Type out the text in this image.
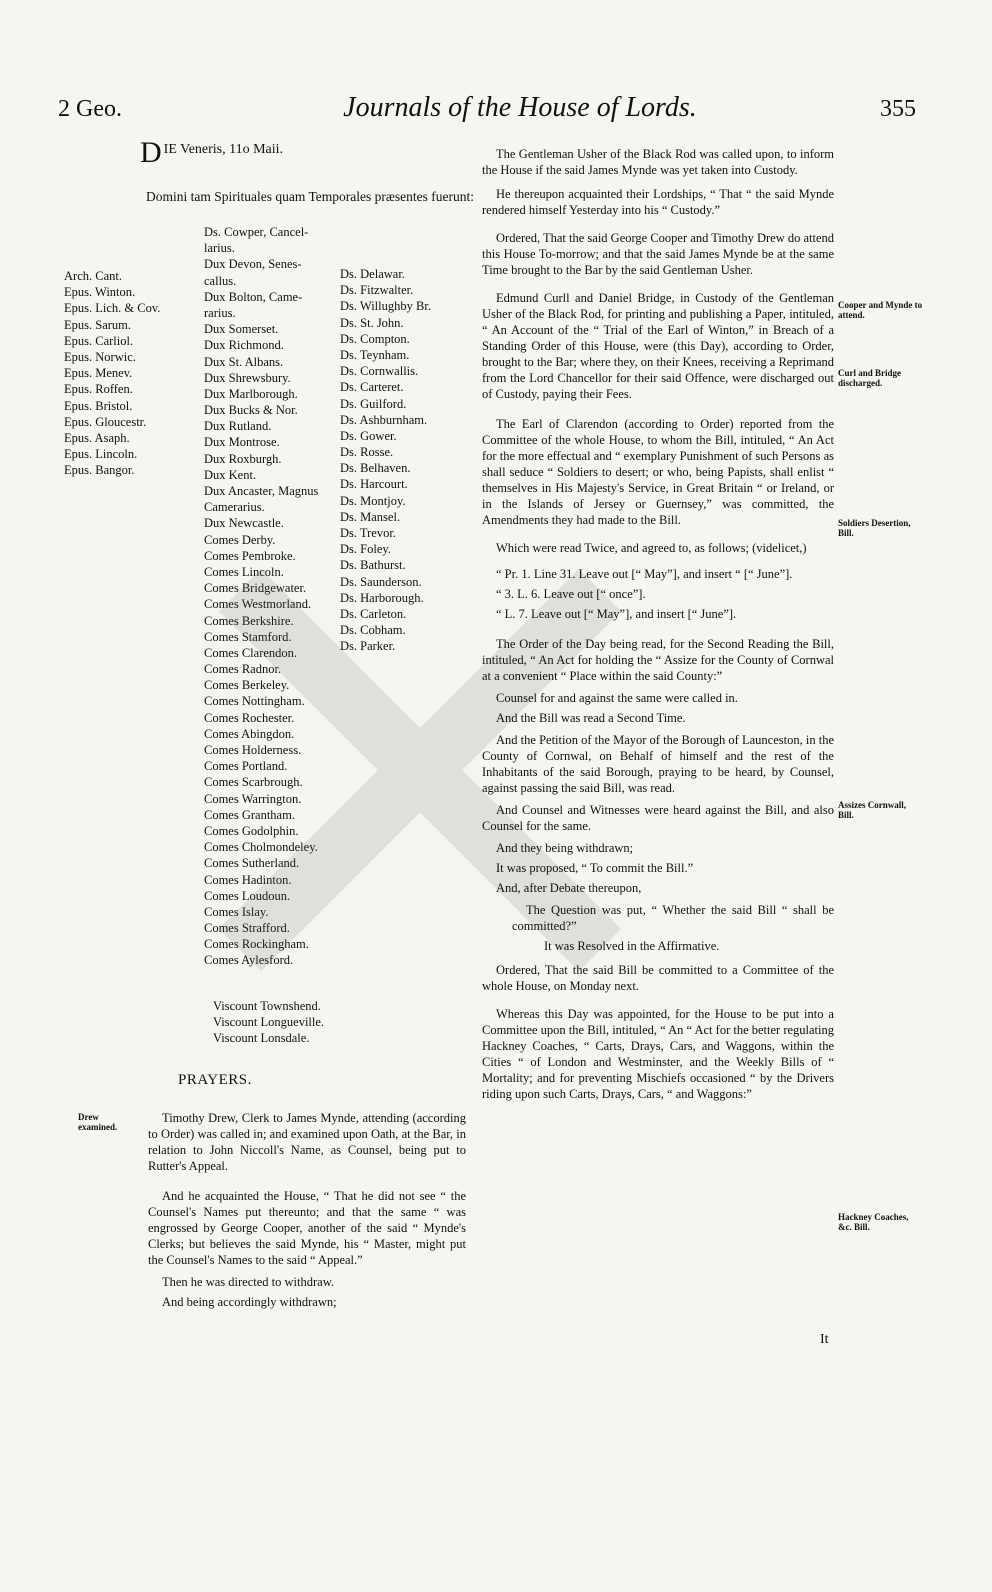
2 Geo.	Journals of the House of Lords.	355
D IE Veneris, 11o Maii.
Domini tam Spirituales quam Temporales præsentes fuerunt:
Arch. Cant.
Epus. Winton.
Epus. Lich. & Cov.
Epus. Sarum.
Epus. Carliol.
Epus. Norwic.
Epus. Menev.
Epus. Roffen.
Epus. Bristol.
Epus. Gloucestr.
Epus. Asaph.
Epus. Lincoln.
Epus. Bangor.
Ds. Cowper, Cancel-
larius.
Dux Devon, Senes-
callus.
Dux Bolton, Came-
rarius.
Dux Somerset.
Dux Richmond.
Dux St. Albans.
Dux Shrewsbury.
Dux Marlborough.
Dux Bucks & Nor.
Dux Rutland.
Dux Montrose.
Dux Roxburgh.
Dux Kent.
Dux Ancaster, Magnus
Camerarius.
Dux Newcastle.
Comes Derby.
Comes Pembroke.
Comes Lincoln.
Comes Bridgewater.
Comes Westmorland.
Comes Berkshire.
Comes Stamford.
Comes Clarendon.
Comes Radnor.
Comes Berkeley.
Comes Nottingham.
Comes Rochester.
Comes Abingdon.
Comes Holderness.
Comes Portland.
Comes Scarbrough.
Comes Warrington.
Comes Grantham.
Comes Godolphin.
Comes Cholmondeley.
Comes Sutherland.
Comes Hadinton.
Comes Loudoun.
Comes Islay.
Comes Strafford.
Comes Rockingham.
Comes Aylesford.
Viscount Townshend.
Viscount Longueville.
Viscount Lonsdale.
Ds. Delawar.
Ds. Fitzwalter.
Ds. Willughby Br.
Ds. St. John.
Ds. Compton.
Ds. Teynham.
Ds. Cornwallis.
Ds. Carteret.
Ds. Guilford.
Ds. Ashburnham.
Ds. Gower.
Ds. Rosse.
Ds. Belhaven.
Ds. Harcourt.
Ds. Montjoy.
Ds. Mansel.
Ds. Trevor.
Ds. Foley.
Ds. Bathurst.
Ds. Saunderson.
Ds. Harborough.
Ds. Carleton.
Ds. Cobham.
Ds. Parker.
PRAYERS.
Drew examined.

Timothy Drew, Clerk to James Mynde, attending (according to Order) was called in; and examined upon Oath, at the Bar, in relation to John Niccoll's Name, as Counsel, being put to Rutter's Appeal.

And he acquainted the House, “ That he did not see “ the Counsel's Names put thereunto; and that the same “ was engrossed by George Cooper, another of the said “ Mynde's Clerks; but believes the said Mynde, his “ Master, might put the Counsel's Names to the said “ Appeal.”

Then he was directed to withdraw.

And being accordingly withdrawn;

The Gentleman Usher of the Black Rod was called upon, to inform the House if the said James Mynde was yet taken into Custody.

He thereupon acquainted their Lordships, “ That “ the said Mynde rendered himself Yesterday into his “ Custody.”

Ordered, That the said George Cooper and Timothy Drew do attend this House To-morrow; and that the said James Mynde be at the same Time brought to the Bar by the said Gentleman Usher.

Edmund Curll and Daniel Bridge, in Custody of the Gentleman Usher of the Black Rod, for printing and publishing a Paper, intituled, “ An Account of the “ Trial of the Earl of Winton,” in Breach of a Standing Order of this House, were (this Day), according to Order, brought to the Bar; where they, on their Knees, receiving a Reprimand from the Lord Chancellor for their said Offence, were discharged out of Custody, paying their Fees.

The Earl of Clarendon (according to Order) reported from the Committee of the whole House, to whom the Bill, intituled, “ An Act for the more effectual and “ exemplary Punishment of such Persons as shall seduce “ Soldiers to desert; or who, being Papists, shall enlist “ themselves in His Majesty's Service, in Great Britain “ or Ireland, or in the Islands of Jersey or Guernsey,” was committed, the Amendments they had made to the Bill.

Which were read Twice, and agreed to, as follows; (videlicet,)

“ Pr. 1. Line 31. Leave out [“ May”], and insert “ [“ June”].

“ 3. L. 6. Leave out [“ once”].

“ L. 7. Leave out [“ May”], and insert [“ June”].

The Order of the Day being read, for the Second Reading the Bill, intituled, “ An Act for holding the “ Assize for the County of Cornwal at a convenient “ Place within the said County:”

Counsel for and against the same were called in.

And the Bill was read a Second Time.

And the Petition of the Mayor of the Borough of Launceston, in the County of Cornwal, on Behalf of himself and the rest of the Inhabitants of the said Borough, praying to be heard, by Counsel, against passing the said Bill, was read.

And Counsel and Witnesses were heard against the Bill, and also Counsel for the same.

And they being withdrawn;

It was proposed, “ To commit the Bill.”

And, after Debate thereupon,

The Question was put, “ Whether the said Bill “ shall be committed?”

It was Resolved in the Affirmative.

Ordered, That the said Bill be committed to a Committee of the whole House, on Monday next.

Whereas this Day was appointed, for the House to be put into a Committee upon the Bill, intituled, “ An “ Act for the better regulating Hackney Coaches, “ Carts, Drays, Cars, and Waggons, within the Cities “ of London and Westminster, and the Weekly Bills of “ Mortality; and for preventing Mischiefs occasioned “ by the Drivers riding upon such Carts, Drays, Cars, “ and Waggons:”

Cooper and Mynde to attend.
Curl and Bridge discharged.
Soldiers Desertion, Bill.
Assizes Cornwall, Bill.
Hackney Coaches, &c. Bill.
It
